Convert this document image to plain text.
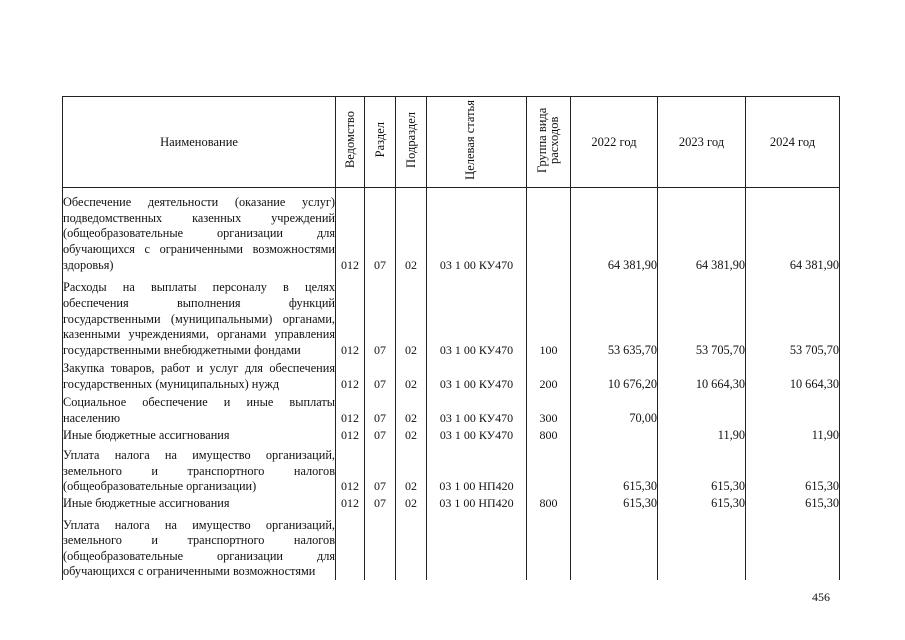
Наименование	Ведомство	Раздел	Подраздел	Целевая статья	Группа вида расходов	2022 год	2023 год	2024 год
Обеспечение деятельности (оказание услуг) подведомственных казенных учреждений (общеобразовательные организации для обучающихся с ограниченными возможностями здоровья)	012	07	02	03 1 00 КУ470		64 381,90	64 381,90	64 381,90
Расходы на выплаты персоналу в целях обеспечения выполнения функций государственными (муниципальными) органами, казенными учреждениями, органами управления государственными внебюджетными фондами	012	07	02	03 1 00 КУ470	100	53 635,70	53 705,70	53 705,70
Закупка товаров, работ и услуг для обеспечения государственных (муниципальных) нужд	012	07	02	03 1 00 КУ470	200	10 676,20	10 664,30	10 664,30
Социальное обеспечение и иные выплаты населению	012	07	02	03 1 00 КУ470	300	70,00		
Иные бюджетные ассигнования	012	07	02	03 1 00 КУ470	800		11,90	11,90
Уплата налога на имущество организаций, земельного и транспортного налогов (общеобразовательные организации)	012	07	02	03 1 00 НП420		615,30	615,30	615,30
Иные бюджетные ассигнования	012	07	02	03 1 00 НП420	800	615,30	615,30	615,30
Уплата налога на имущество организаций, земельного и транспортного налогов (общеобразовательные организации для обучающихся с ограниченными возможностями								
456
